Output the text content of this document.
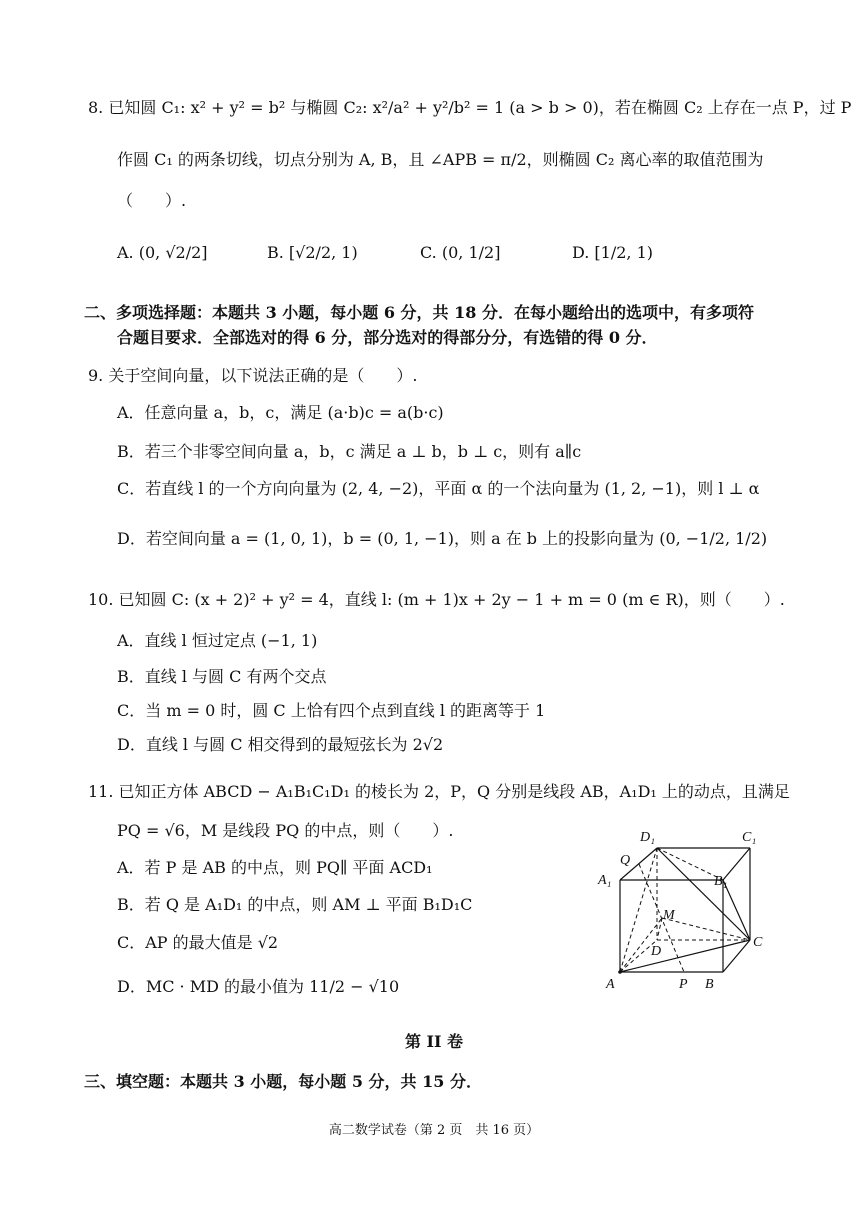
8. 已知圆 C₁: x² + y² = b² 与椭圆 C₂: x²/a² + y²/b² = 1 (a > b > 0)，若在椭圆 C₂ 上存在一点 P，过 P
作圆 C₁ 的两条切线，切点分别为 A, B，且 ∠APB = π/2，则椭圆 C₂ 离心率的取值范围为
（　　）.
A. (0, √2/2]	B. [√2/2, 1)	C. (0, 1/2]	D. [1/2, 1)
二、多项选择题：本题共 3 小题，每小题 6 分，共 18 分．在每小题给出的选项中，有多项符
合题目要求．全部选对的得 6 分，部分选对的得部分分，有选错的得 0 分．
9. 关于空间向量，以下说法正确的是（　　）.
A．任意向量 a，b，c，满足 (a·b)c = a(b·c)
B．若三个非零空间向量 a，b，c 满足 a ⊥ b，b ⊥ c，则有 a∥c
C．若直线 l 的一个方向向量为 (2, 4, −2)，平面 α 的一个法向量为 (1, 2, −1)，则 l ⊥ α
D．若空间向量 a = (1, 0, 1)，b = (0, 1, −1)，则 a 在 b 上的投影向量为 (0, −1/2, 1/2)
10. 已知圆 C: (x + 2)² + y² = 4，直线 l: (m + 1)x + 2y − 1 + m = 0 (m ∈ R)，则（　　）.
A．直线 l 恒过定点 (−1, 1)
B．直线 l 与圆 C 有两个交点
C．当 m = 0 时，圆 C 上恰有四个点到直线 l 的距离等于 1
D．直线 l 与圆 C 相交得到的最短弦长为 2√2
11. 已知正方体 ABCD − A₁B₁C₁D₁ 的棱长为 2，P，Q 分别是线段 AB，A₁D₁ 上的动点，且满足
PQ = √6，M 是线段 PQ 的中点，则（　　）.
A．若 P 是 AB 的中点，则 PQ∥ 平面 ACD₁
B．若 Q 是 A₁D₁ 的中点，则 AM ⊥ 平面 B₁D₁C
C．AP 的最大值是 √2
D．MC · MD 的最小值为 11/2 − √10
D₁	C₁
Q
A₁	B₁
M
D
C
A	P B
第 II 卷
三、填空题：本题共 3 小题，每小题 5 分，共 15 分．
高二数学试卷（第 2 页　共 16 页）
